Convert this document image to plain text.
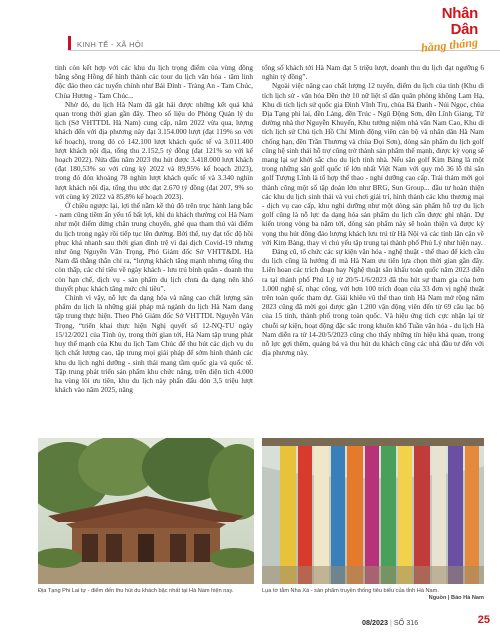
KINH TẾ - XÃ HỘI
Nhân Dân
hằng tháng

tinh còn kết hợp với các khu du lịch trọng điểm của vùng đồng bằng sông Hồng để hình thành các tour du lịch văn hóa - tâm linh độc đáo theo các tuyến chính như Bái Đính - Tràng An - Tam Chúc, Chùa Hương - Tam Chúc...

Nhờ đó, du lịch Hà Nam đã gặt hái được những kết quả khả quan trong thời gian gần đây. Theo số liệu do Phòng Quản lý du lịch (Sở VHTTDL Hà Nam) cung cấp, năm 2022 vừa qua, lượng khách đến với địa phương này đạt 3.154.000 lượt (đạt 119% so với kế hoạch), trong đó có 142.100 lượt khách quốc tế và 3.011.400 lượt khách nội địa, tổng thu 2.152,5 tỷ đồng (đạt 121% so với kế hoạch 2022). Nửa đầu năm 2023 thu hút được 3.418.000 lượt khách (đạt 180,53% so với cùng kỳ 2022 và 89,95% kế hoạch 2023), trong đó đón khoảng 78 nghìn lượt khách quốc tế và 3.340 nghìn lượt khách nội địa, tổng thu ước đạt 2.670 tỷ đồng (đạt 207, 9% so với cùng kỳ 2022 và 85,8% kế hoạch 2023).

Ở chiều ngược lại, lợi thế nằm kề thủ đô trên trục hành lang bắc - nam cũng tiềm ẩn yếu tố bất lợi, khi du khách thường coi Hà Nam như một điểm dừng chân trung chuyển, ghé qua tham thú vài điểm du lịch trong ngày rồi tiếp tục lên đường. Bởi thế, tuy đạt tốc độ hồi phục khá nhanh sau thời gian đình trệ vì đại dịch Covid-19 nhưng như ông Nguyễn Văn Trọng, Phó Giám đốc Sở VHTT&DL Hà Nam đã thẳng thắn chỉ ra, “lượng khách tăng mạnh nhưng tổng thu còn thấp, các chỉ tiêu về ngày khách - lưu trú bình quân - doanh thu còn hạn chế, dịch vụ - sản phẩm du lịch chưa đa dạng nên khó thuyết phục khách tăng mức chi tiêu”.

Chính vì vậy, nỗ lực đa dạng hóa và nâng cao chất lượng sản phẩm du lịch là những giải pháp mà ngành du lịch Hà Nam đang tập trung thực hiện. Theo Phó Giám đốc Sở VHTTDL Nguyễn Văn Trọng, “triển khai thực hiện Nghị quyết số 12-NQ-TU ngày 15/12/2021 của Tỉnh ủy, trong thời gian tới, Hà Nam tập trung phát huy thế mạnh của Khu du lịch Tam Chúc để thu hút các dịch vụ du lịch chất lượng cao, tập trung mọi giải pháp để sớm hình thành các khu du lịch nghỉ dưỡng - sinh thái mang tầm quốc gia và quốc tế. Tập trung phát triển sản phẩm khu chức năng, trên diện tích 4.000 ha vùng lõi ưu tiên, khu du lịch này phấn đấu đón 3,5 triệu lượt khách vào năm 2025, nâng

tổng số khách tới Hà Nam đạt 5 triệu lượt, doanh thu du lịch đạt ngưỡng 6 nghìn tỷ đồng”.

Ngoài việc nâng cao chất lượng 12 tuyến, điểm du lịch của tỉnh (Khu di tích lịch sử - văn hóa Đền thờ 10 nữ liệt sĩ dân quân phòng không Lam Hạ, Khu di tích lịch sử quốc gia Đình Vĩnh Trụ, chùa Bà Đanh - Núi Ngọc, chùa Địa Tạng phi lai, đền Lảng, đền Trúc - Ngũ Động Sơn, đền Lĩnh Giang, Từ đường nhà thơ Nguyễn Khuyến, Khu tưởng niệm nhà văn Nam Cao, Khu di tích lịch sử Chủ tịch Hồ Chí Minh động viên cán bộ và nhân dân Hà Nam chống hạn, đền Trần Thương và chùa Đọi Sơn), dòng sản phẩm du lịch golf cũng hệ sinh thái hỗ trợ cũng trở thành sản phẩm thế mạnh, được kỳ vọng sẽ mang lại sự khởi sắc cho du lịch tỉnh nhà. Nếu sân golf Kim Bảng là một trong những sân golf quốc tế lớn nhất Việt Nam với quy mô 36 lỗ thì sân golf Tượng Lĩnh là tổ hợp thể thao - nghỉ dưỡng cao cấp. Trải thảm mới gọi thành công một số tập đoàn lớn như BRG, Sun Group... đầu tư hoàn thiện các khu du lịch sinh thái và vui chơi giải trí, hình thành các khu thương mại - dịch vụ cao cấp, khu nghỉ dưỡng như một dòng sản phẩm hỗ trợ du lịch golf cũng là nỗ lực đa dạng hóa sản phẩm du lịch cần được ghi nhận. Dự kiến trong vòng ba năm tới, dòng sản phẩm này sẽ hoàn thiện và được kỳ vọng thu hút đông đảo lượng khách lưu trú từ Hà Nội và các tỉnh lân cận về với Kim Bảng, thay vì chủ yếu tập trung tại thành phố Phủ Lý như hiện nay.

Đáng cũ, tổ chức các sự kiện văn hóa - nghệ thuật - thể thao để kích cầu du lịch cũng là hướng đi mà Hà Nam ưu tiên lựa chọn thời gian gần đây. Liên hoan các trích đoạn hay Nghệ thuật sân khấu toàn quốc năm 2023 diễn ra tại thành phố Phủ Lý từ 20/5-1/6/2023 đã thu hút sự tham gia của hơn 1.000 nghệ sĩ, nhạc công, với hơn 100 trích đoạn của 33 đơn vị nghệ thuật trên toàn quốc tham dự. Giải khiêu vũ thể thao tỉnh Hà Nam mở rộng năm 2023 cũng đã mời gọi được gần 1.200 vận động viên đến từ 69 câu lạc bộ của 15 tỉnh, thành phố trong toàn quốc. Và hiệu ứng tích cực nhận lại từ chuỗi sự kiện, hoạt động đặc sắc trong khuôn khổ Tuần văn hóa - du lịch Hà Nam diễn ra từ 14-20/5/2023 cũng cho thấy những tín hiệu khả quan, trong nỗ lực gợi thêm, quảng bá và thu hút du khách cũng các nhà đầu tư đến với địa phương này.

Địa Tạng Phi Lai tự - điểm đến thu hút du khách bậc nhất tại Hà Nam hiện nay.	Lụa tơ tằm Nha Xá - sản phẩm truyền thống tiêu biểu của tỉnh Hà Nam.
Nguồn | Báo Hà Nam
08/2023 | SỐ 316	25
